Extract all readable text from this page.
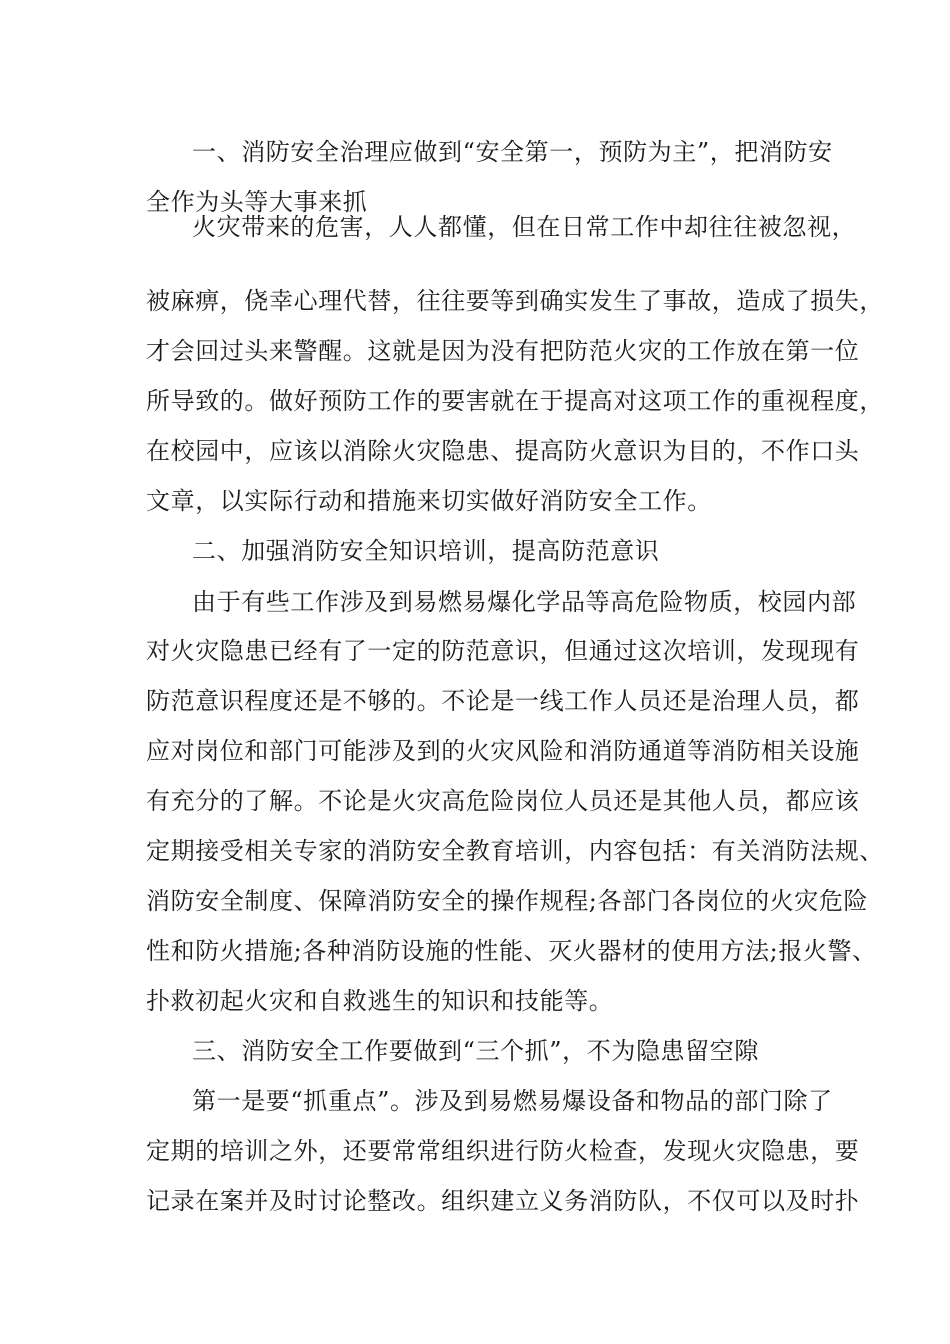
一、消防安全治理应做到“安全第一，预防为主”，把消防安
全作为头等大事来抓
火灾带来的危害，人人都懂，但在日常工作中却往往被忽视，
被麻痹，侥幸心理代替，往往要等到确实发生了事故，造成了损失，
才会回过头来警醒。这就是因为没有把防范火灾的工作放在第一位
所导致的。做好预防工作的要害就在于提高对这项工作的重视程度，
在校园中，应该以消除火灾隐患、提高防火意识为目的，不作口头
文章，以实际行动和措施来切实做好消防安全工作。
二、加强消防安全知识培训，提高防范意识
由于有些工作涉及到易燃易爆化学品等高危险物质，校园内部
对火灾隐患已经有了一定的防范意识，但通过这次培训，发现现有
防范意识程度还是不够的。不论是一线工作人员还是治理人员，都
应对岗位和部门可能涉及到的火灾风险和消防通道等消防相关设施
有充分的了解。不论是火灾高危险岗位人员还是其他人员，都应该
定期接受相关专家的消防安全教育培训，内容包括：有关消防法规、
消防安全制度、保障消防安全的操作规程;各部门各岗位的火灾危险
性和防火措施;各种消防设施的性能、灭火器材的使用方法;报火警、
扑救初起火灾和自救逃生的知识和技能等。
三、消防安全工作要做到“三个抓”，不为隐患留空隙
第一是要“抓重点”。涉及到易燃易爆设备和物品的部门除了
定期的培训之外，还要常常组织进行防火检查，发现火灾隐患，要
记录在案并及时讨论整改。组织建立义务消防队，不仅可以及时扑
